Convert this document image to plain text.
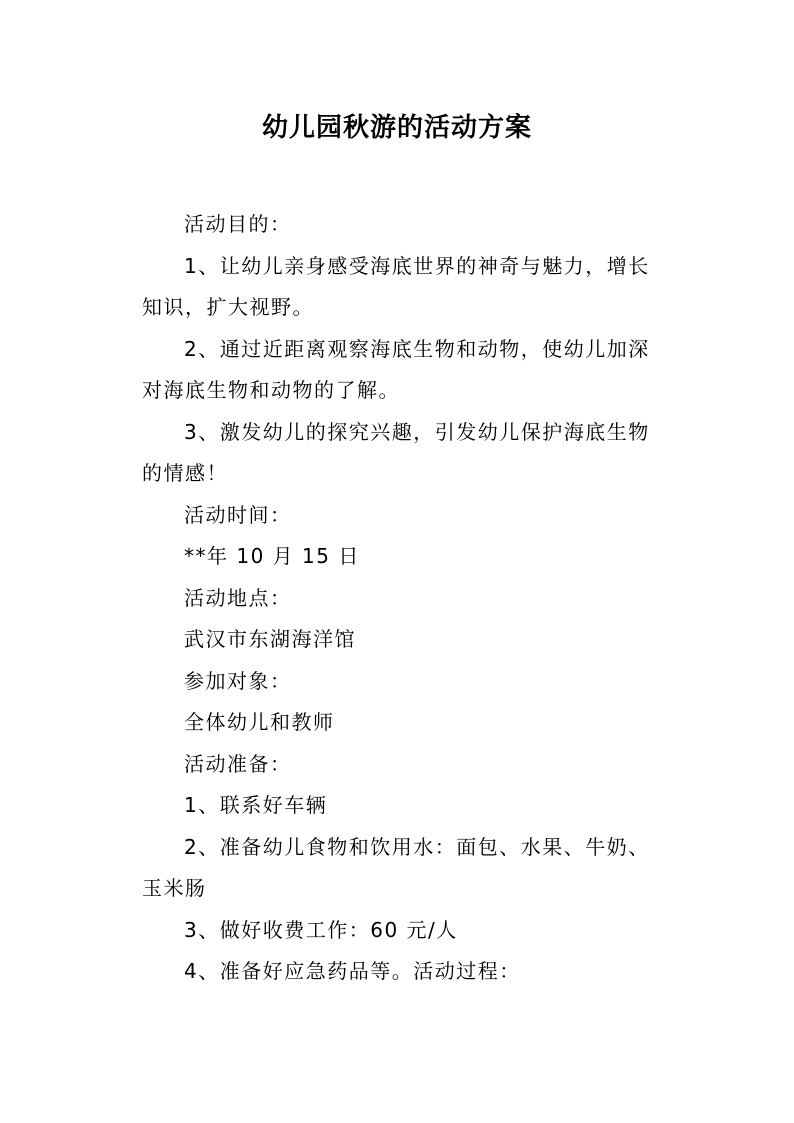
幼儿园秋游的活动方案

活动目的：

1、让幼儿亲身感受海底世界的神奇与魅力，增长知识，扩大视野。

2、通过近距离观察海底生物和动物，使幼儿加深对海底生物和动物的了解。

3、激发幼儿的探究兴趣，引发幼儿保护海底生物的情感！

活动时间：

**年 10 月 15 日

活动地点：

武汉市东湖海洋馆

参加对象：

全体幼儿和教师

活动准备：

1、联系好车辆

2、准备幼儿食物和饮用水：面包、水果、牛奶、玉米肠

3、做好收费工作：60 元/人

4、准备好应急药品等。活动过程：
